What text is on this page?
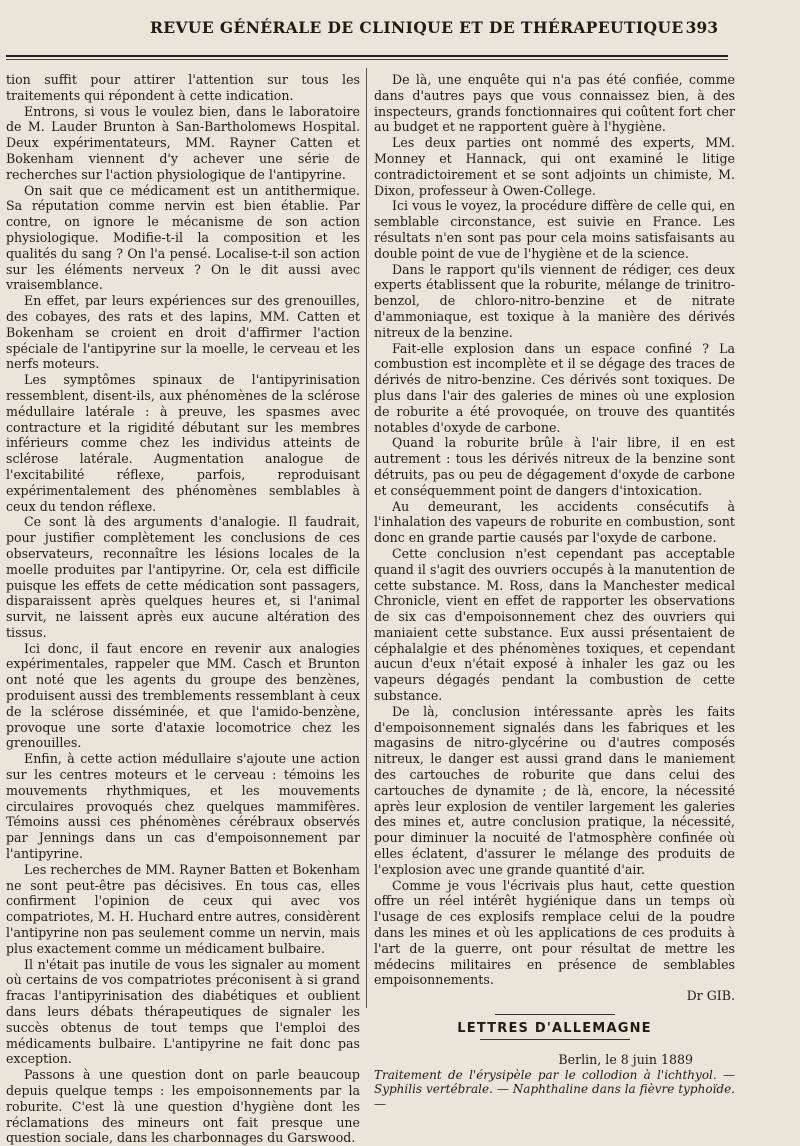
REVUE GÉNÉRALE DE CLINIQUE ET DE THÉRAPEUTIQUE 393

tion suffit pour attirer l'attention sur tous les traitements qui répondent à cette indication.

Entrons, si vous le voulez bien, dans le laboratoire de M. Lauder Brunton à San-Bartholomews Hospital. Deux expérimentateurs, MM. Rayner Catten et Bokenham viennent d'y achever une série de recherches sur l'action physiologique de l'antipyrine.

On sait que ce médicament est un antithermique. Sa réputation comme nervin est bien établie. Par contre, on ignore le mécanisme de son action physiologique. Modifie-t-il la composition et les qualités du sang ? On l'a pensé. Localise-t-il son action sur les éléments nerveux ? On le dit aussi avec vraisemblance.

En effet, par leurs expériences sur des grenouilles, des cobayes, des rats et des lapins, MM. Catten et Bokenham se croient en droit d'affirmer l'action spéciale de l'antipyrine sur la moelle, le cerveau et les nerfs moteurs.

Les symptômes spinaux de l'antipyrinisation ressemblent, disent-ils, aux phénomènes de la sclérose médullaire latérale : à preuve, les spasmes avec contracture et la rigidité débutant sur les membres inférieurs comme chez les individus atteints de sclérose latérale. Augmentation analogue de l'excitabilité réflexe, parfois, reproduisant expérimentalement des phénomènes semblables à ceux du tendon réflexe.

Ce sont là des arguments d'analogie. Il faudrait, pour justifier complètement les conclusions de ces observateurs, reconnaître les lésions locales de la moelle produites par l'antipyrine. Or, cela est difficile puisque les effets de cette médication sont passagers, disparaissent après quelques heures et, si l'animal survit, ne laissent après eux aucune altération des tissus.

Ici donc, il faut encore en revenir aux analogies expérimentales, rappeler que MM. Casch et Brunton ont noté que les agents du groupe des benzènes, produisent aussi des tremblements ressemblant à ceux de la sclérose disséminée, et que l'amido-benzène, provoque une sorte d'ataxie locomotrice chez les grenouilles.

Enfin, à cette action médullaire s'ajoute une action sur les centres moteurs et le cerveau : témoins les mouvements rhythmiques, et les mouvements circulaires provoqués chez quelques mammifères. Témoins aussi ces phénomènes cérébraux observés par Jennings dans un cas d'empoisonnement par l'antipyrine.

Les recherches de MM. Rayner Batten et Bokenham ne sont peut-être pas décisives. En tous cas, elles confirment l'opinion de ceux qui avec vos compatriotes, M. H. Huchard entre autres, considèrent l'antipyrine non pas seulement comme un nervin, mais plus exactement comme un médicament bulbaire.

Il n'était pas inutile de vous les signaler au moment où certains de vos compatriotes préconisent à si grand fracas l'antipyrinisation des diabétiques et oublient dans leurs débats thérapeutiques de signaler les succès obtenus de tout temps que l'emploi des médicaments bulbaire. L'antipyrine ne fait donc pas exception.

Passons à une question dont on parle beaucoup depuis quelque temps : les empoisonnements par la roburite. C'est là une question d'hygiène dont les réclamations des mineurs ont fait presque une question sociale, dans les charbonnages du Garswood.

De là, une enquête qui n'a pas été confiée, comme dans d'autres pays que vous connaissez bien, à des inspecteurs, grands fonctionnaires qui coûtent fort cher au budget et ne rapportent guère à l'hygiène.

Les deux parties ont nommé des experts, MM. Monney et Hannack, qui ont examiné le litige contradictoirement et se sont adjoints un chimiste, M. Dixon, professeur à Owen-College.

Ici vous le voyez, la procédure diffère de celle qui, en semblable circonstance, est suivie en France. Les résultats n'en sont pas pour cela moins satisfaisants au double point de vue de l'hygiène et de la science.

Dans le rapport qu'ils viennent de rédiger, ces deux experts établissent que la roburite, mélange de trinitro-benzol, de chloro-nitro-benzine et de nitrate d'ammoniaque, est toxique à la manière des dérivés nitreux de la benzine.

Fait-elle explosion dans un espace confiné ? La combustion est incomplète et il se dégage des traces de dérivés de nitro-benzine. Ces dérivés sont toxiques. De plus dans l'air des galeries de mines où une explosion de roburite a été provoquée, on trouve des quantités notables d'oxyde de carbone.

Quand la roburite brûle à l'air libre, il en est autrement : tous les dérivés nitreux de la benzine sont détruits, pas ou peu de dégagement d'oxyde de carbone et conséquemment point de dangers d'intoxication.

Au demeurant, les accidents consécutifs à l'inhalation des vapeurs de roburite en combustion, sont donc en grande partie causés par l'oxyde de carbone.

Cette conclusion n'est cependant pas acceptable quand il s'agit des ouvriers occupés à la manutention de cette substance. M. Ross, dans la Manchester medical Chronicle, vient en effet de rapporter les observations de six cas d'empoisonnement chez des ouvriers qui maniaient cette substance. Eux aussi présentaient de céphalalgie et des phénomènes toxiques, et cependant aucun d'eux n'était exposé à inhaler les gaz ou les vapeurs dégagés pendant la combustion de cette substance.

De là, conclusion intéressante après les faits d'empoisonnement signalés dans les fabriques et les magasins de nitro-glycérine ou d'autres composés nitreux, le danger est aussi grand dans le maniement des cartouches de roburite que dans celui des cartouches de dynamite ; de là, encore, la nécessité après leur explosion de ventiler largement les galeries des mines et, autre conclusion pratique, la nécessité, pour diminuer la nocuité de l'atmosphère confinée où elles éclatent, d'assurer le mélange des produits de l'explosion avec une grande quantité d'air.

Comme je vous l'écrivais plus haut, cette question offre un réel intérêt hygiénique dans un temps où l'usage de ces explosifs remplace celui de la poudre dans les mines et où les applications de ces produits à l'art de la guerre, ont pour résultat de mettre les médecins militaires en présence de semblables empoisonnements.

Dr GIB.

LETTRES D'ALLEMAGNE

Berlin, le 8 juin 1889

Traitement de l'érysipèle par le collodion à l'ichthyol. — Syphilis vertébrale. — Naphthaline dans la fièvre typhoïde. —
